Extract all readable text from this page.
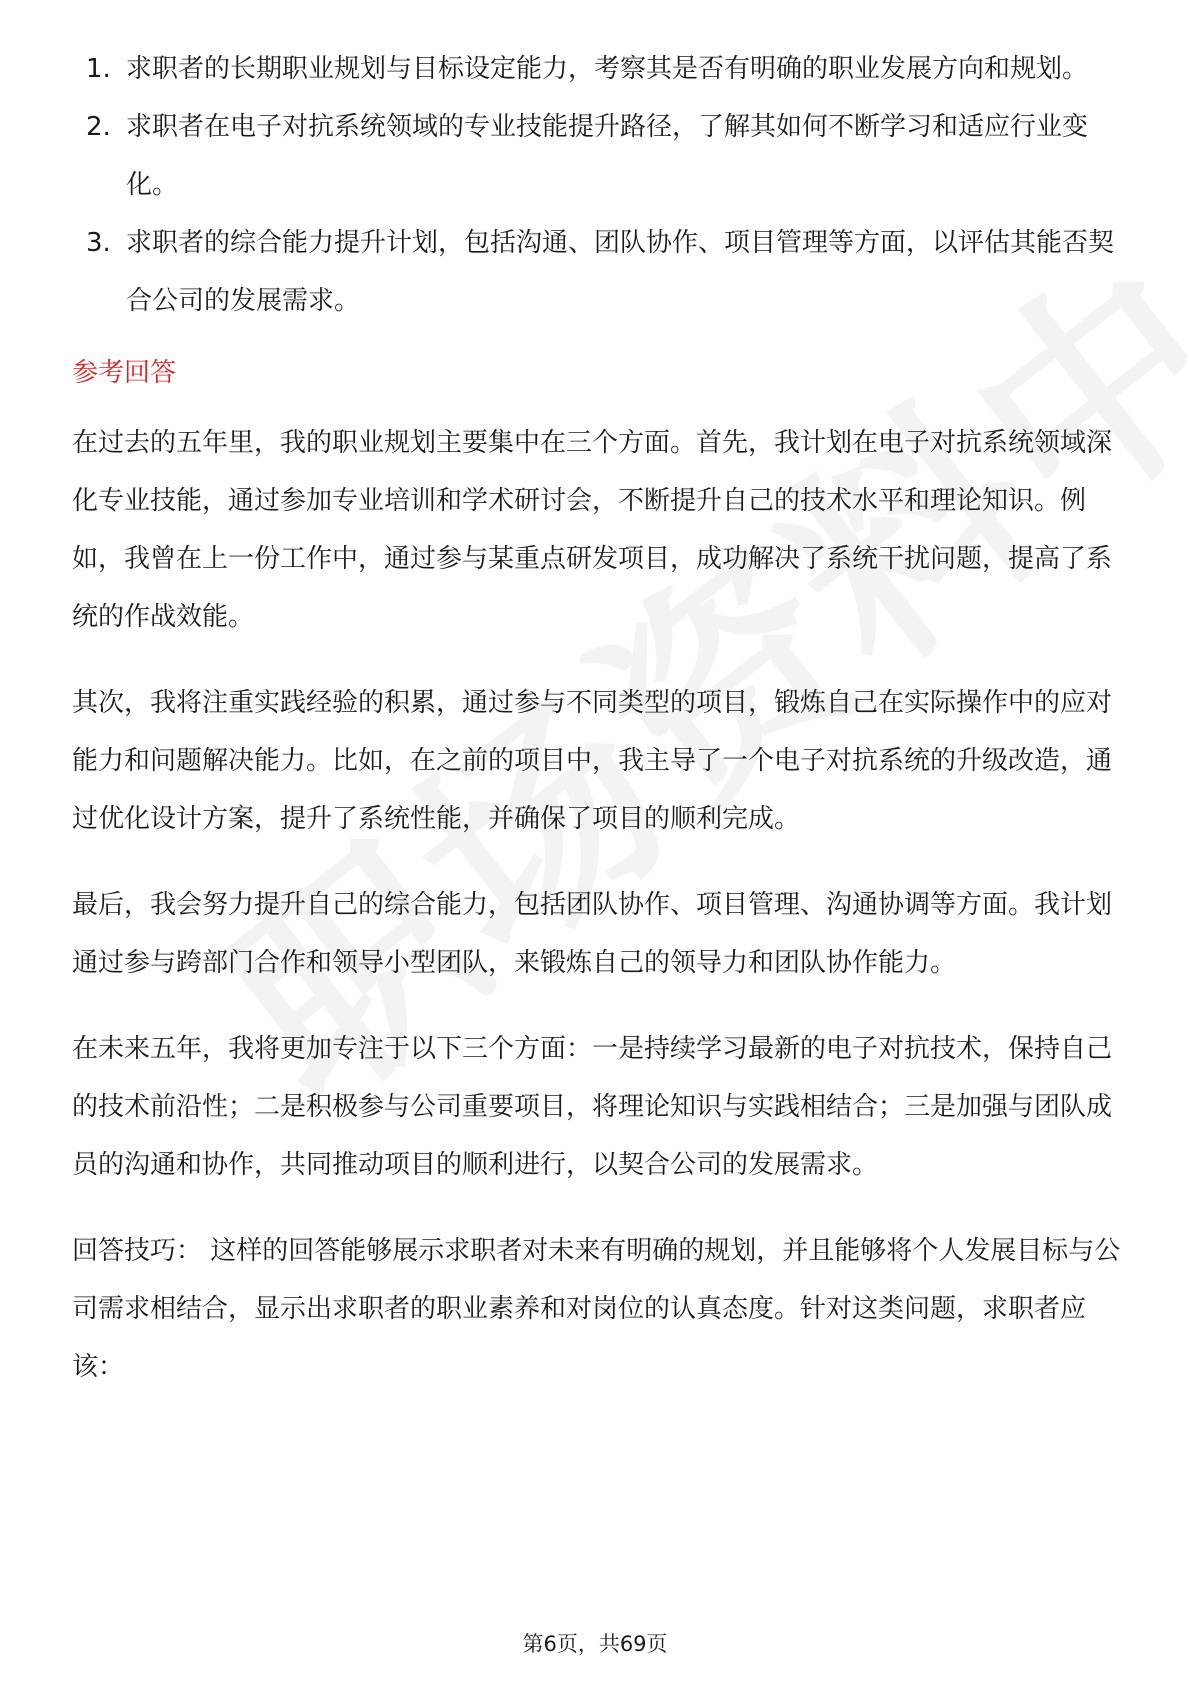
1. 求职者的长期职业规划与目标设定能力，考察其是否有明确的职业发展方向和规划。
2. 求职者在电子对抗系统领域的专业技能提升路径，了解其如何不断学习和适应行业变化。
3. 求职者的综合能力提升计划，包括沟通、团队协作、项目管理等方面，以评估其能否契合公司的发展需求。
参考回答

在过去的五年里，我的职业规划主要集中在三个方面。首先，我计划在电子对抗系统领域深化专业技能，通过参加专业培训和学术研讨会，不断提升自己的技术水平和理论知识。例如，我曾在上一份工作中，通过参与某重点研发项目，成功解决了系统干扰问题，提高了系统的作战效能。

其次，我将注重实践经验的积累，通过参与不同类型的项目，锻炼自己在实际操作中的应对能力和问题解决能力。比如，在之前的项目中，我主导了一个电子对抗系统的升级改造，通过优化设计方案，提升了系统性能，并确保了项目的顺利完成。

最后，我会努力提升自己的综合能力，包括团队协作、项目管理、沟通协调等方面。我计划通过参与跨部门合作和领导小型团队，来锻炼自己的领导力和团队协作能力。

在未来五年，我将更加专注于以下三个方面：一是持续学习最新的电子对抗技术，保持自己的技术前沿性；二是积极参与公司重要项目，将理论知识与实践相结合；三是加强与团队成员的沟通和协作，共同推动项目的顺利进行，以契合公司的发展需求。

回答技巧： 这样的回答能够展示求职者对未来有明确的规划，并且能够将个人发展目标与公司需求相结合，显示出求职者的职业素养和对岗位的认真态度。针对这类问题，求职者应该：

第6页，共69页
